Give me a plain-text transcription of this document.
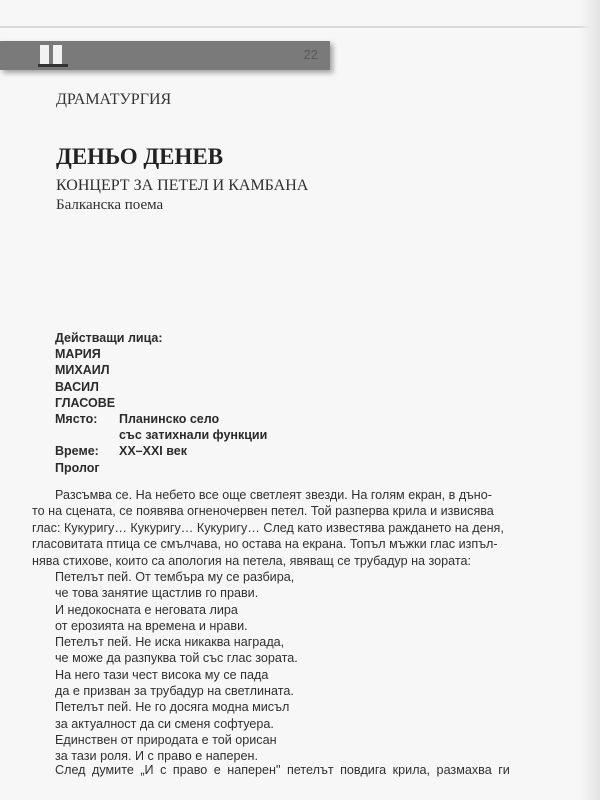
22
ДРАМАТУРГИЯ
ДЕНЬО ДЕНЕВ
КОНЦЕРТ ЗА ПЕТЕЛ И КАМБАНА
Балканска поема
Действащи лица:
МАРИЯ
МИХАИЛ
ВАСИЛ
ГЛАСОВЕ
Място: Планинско село
със затихнали функции
Време: XX–XXI век
Пролог
Разсъмва се. На небето все още светлеят звезди. На голям екран, в дъно-
то на сцената, се появява огненочервен петел. Той разперва крила и извисява
глас: Кукуригу… Кукуригу… Кукуригу… След като известява раждането на деня,
гласовитата птица се смълчава, но остава на екрана. Топъл мъжки глас изпъл-
нява стихове, които са апология на петела, явяващ се трубадур на зората:
Петелът пей. От тембъра му се разбира,
че това занятие щастлив го прави.
И недокосната е неговата лира
от ерозията на времена и нрави.
Петелът пей. Не иска никаква награда,
че може да разпуква той със глас зората.
На него тази чест висока му се пада
да е призван за трубадур на светлината.
Петелът пей. Не го досяга модна мисъл
за актуалност да си сменя софтуера.
Единствен от природата е той орисан
за тази роля. И с право е наперен.
След думите „И с право е наперен" петелът повдига крила, размахва ги
